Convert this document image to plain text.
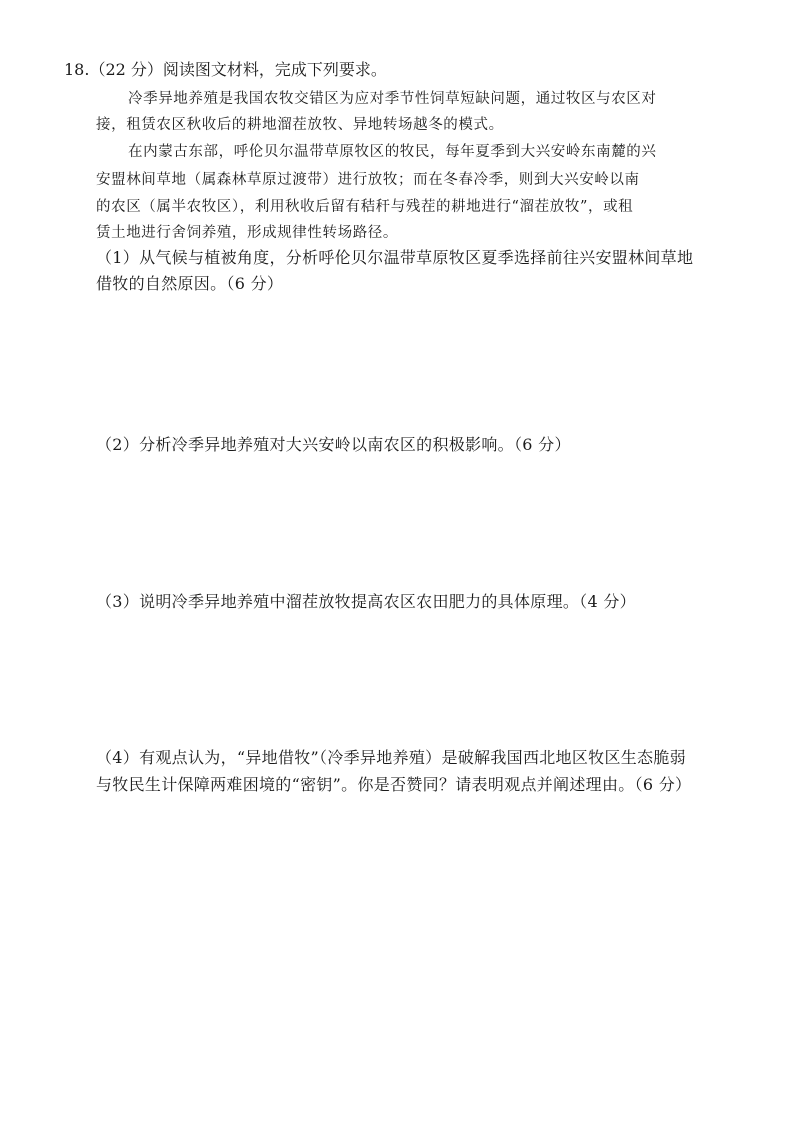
18.（22 分）阅读图文材料，完成下列要求。
冷季异地养殖是我国农牧交错区为应对季节性饲草短缺问题，通过牧区与农区对
接，租赁农区秋收后的耕地溜茬放牧、异地转场越冬的模式。
在内蒙古东部，呼伦贝尔温带草原牧区的牧民，每年夏季到大兴安岭东南麓的兴
安盟林间草地（属森林草原过渡带）进行放牧；而在冬春冷季，则到大兴安岭以南
的农区（属半农牧区），利用秋收后留有秸秆与残茬的耕地进行“溜茬放牧”，或租
赁土地进行舍饲养殖，形成规律性转场路径。
（1）从气候与植被角度，分析呼伦贝尔温带草原牧区夏季选择前往兴安盟林间草地
借牧的自然原因。（6 分）
（2）分析冷季异地养殖对大兴安岭以南农区的积极影响。（6 分）
（3）说明冷季异地养殖中溜茬放牧提高农区农田肥力的具体原理。（4 分）
（4）有观点认为，“异地借牧”（冷季异地养殖）是破解我国西北地区牧区生态脆弱
与牧民生计保障两难困境的“密钥”。你是否赞同？请表明观点并阐述理由。（6 分）
